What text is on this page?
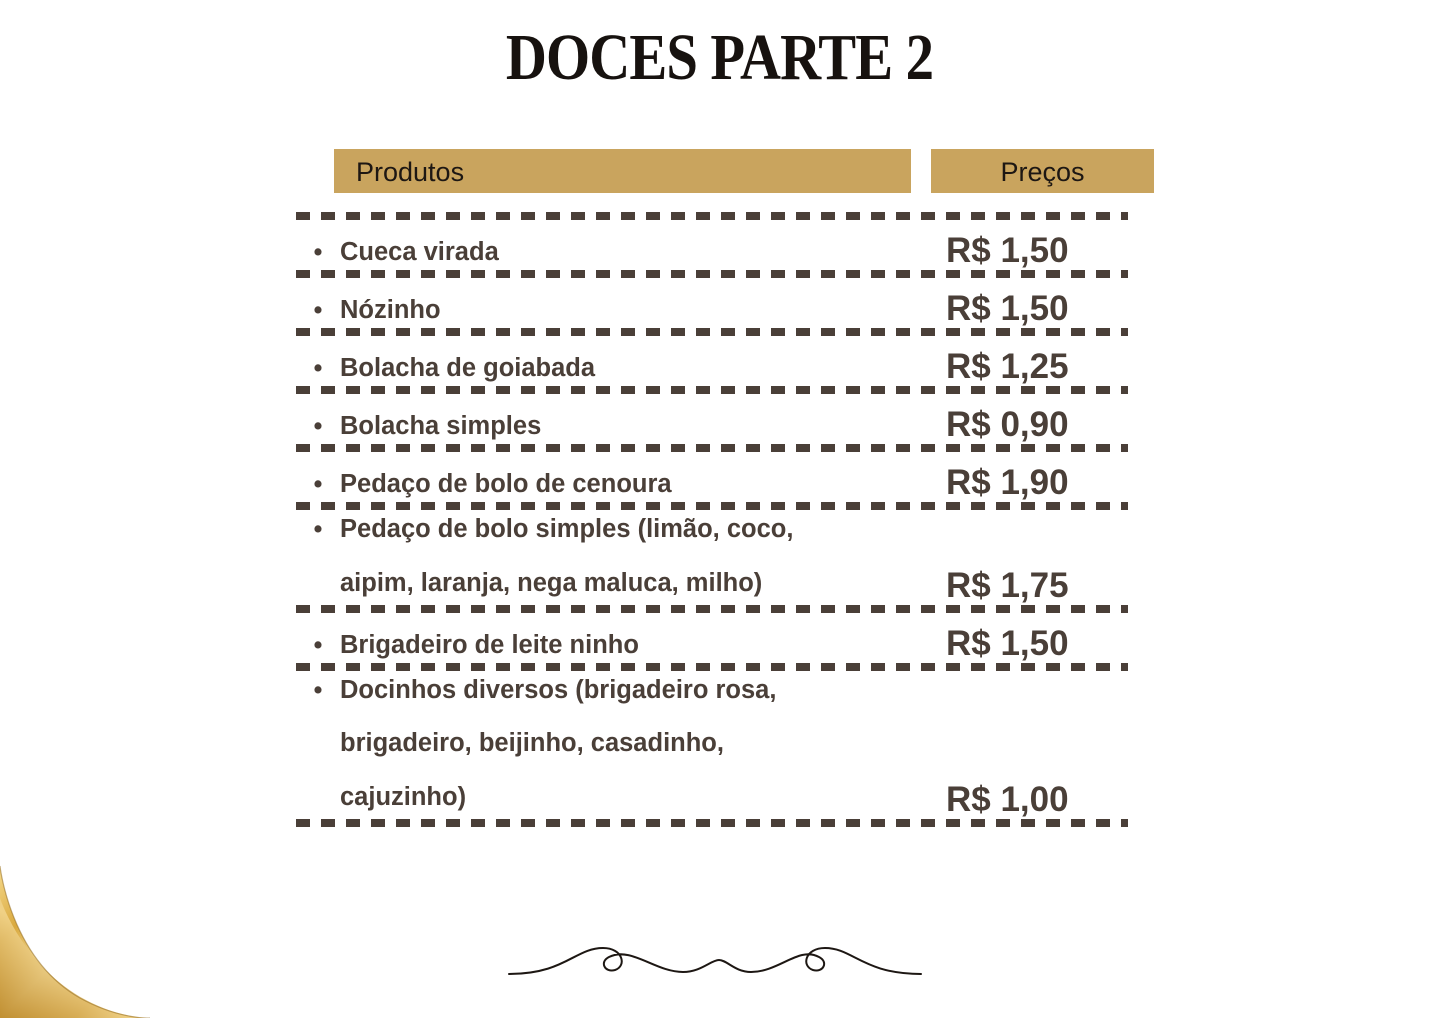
DOCES PARTE 2
Produtos	Preços
• Cueca virada	R$ 1,50
• Nózinho	R$ 1,50
• Bolacha de goiabada	R$ 1,25
• Bolacha simples	R$ 0,90
• Pedaço de bolo de cenoura	R$ 1,90
• Pedaço de bolo simples (limão, coco,
aipim, laranja, nega maluca, milho)	R$ 1,75
• Brigadeiro de leite ninho	R$ 1,50
• Docinhos diversos (brigadeiro rosa,
brigadeiro, beijinho, casadinho,
cajuzinho)	R$ 1,00
